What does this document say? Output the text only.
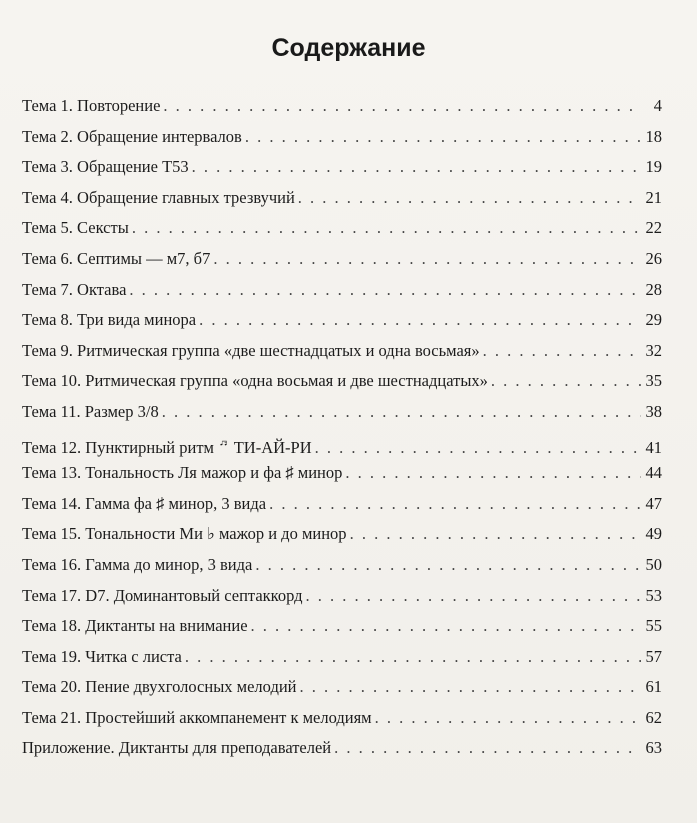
Содержание
Тема 1. Повторение . . .	4
Тема 2. Обращение интервалов . . .	18
Тема 3. Обращение Т53 . . .	19
Тема 4. Обращение главных трезвучий . . .	21
Тема 5. Сексты . . .	22
Тема 6. Септимы — м7, б7 . . .	26
Тема 7. Октава . . .	28
Тема 8. Три вида минора . . .	29
Тема 9. Ритмическая группа «две шестнадцатых и одна восьмая» . . .	32
Тема 10. Ритмическая группа «одна восьмая и две шестнадцатых» . . .	35
Тема 11. Размер 3/8 . . .	38
Тема 12. Пунктирный ритм ТИ-АЙ-РИ . . .	41
Тема 13. Тональность Ля мажор и фа ♯ минор . . .	44
Тема 14. Гамма фа ♯ минор, 3 вида . . .	47
Тема 15. Тональности Ми ♭ мажор и до минор . . .	49
Тема 16. Гамма до минор, 3 вида . . .	50
Тема 17. D7. Доминантовый септаккорд . . .	53
Тема 18. Диктанты на внимание . . .	55
Тема 19. Читка с листа . . .	57
Тема 20. Пение двухголосных мелодий . . .	61
Тема 21. Простейший аккомпанемент к мелодиям . . .	62
Приложение. Диктанты для преподавателей . . .	63
